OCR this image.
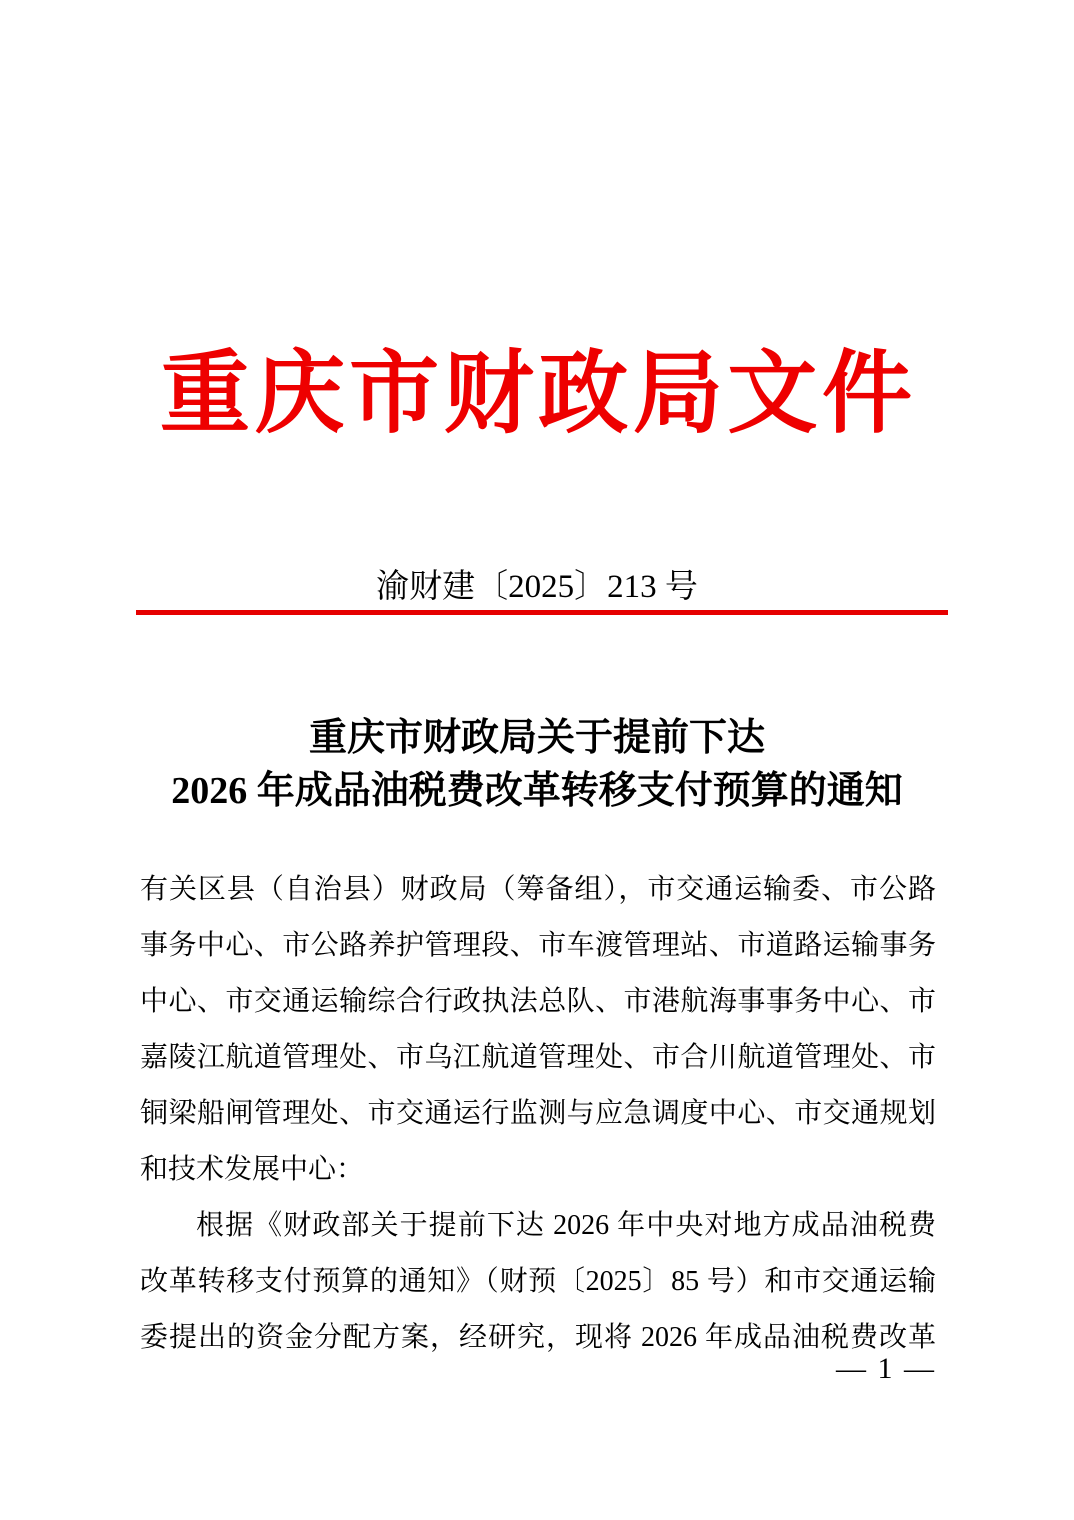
重庆市财政局文件
渝财建〔2025〕213 号
重庆市财政局关于提前下达
2026 年成品油税费改革转移支付预算的通知
有关区县（自治县）财政局（筹备组），市交通运输委、市公路
事务中心、市公路养护管理段、市车渡管理站、市道路运输事务
中心、市交通运输综合行政执法总队、市港航海事事务中心、市
嘉陵江航道管理处、市乌江航道管理处、市合川航道管理处、市
铜梁船闸管理处、市交通运行监测与应急调度中心、市交通规划
和技术发展中心：
根据《财政部关于提前下达 2026 年中央对地方成品油税费
改革转移支付预算的通知》（财预〔2025〕85 号）和市交通运输
委提出的资金分配方案，经研究，现将 2026 年成品油税费改革
— 1 —
